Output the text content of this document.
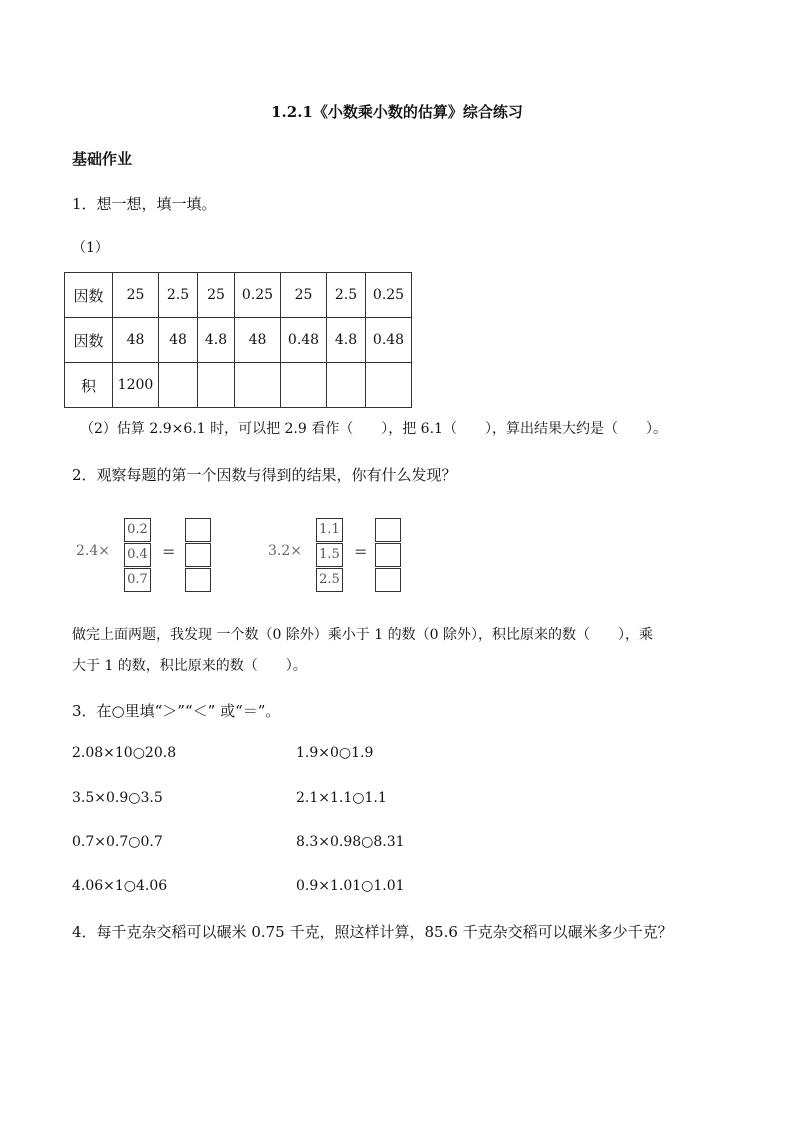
1.2.1《小数乘小数的估算》综合练习
基础作业
1．想一想，填一填。
（1）
因数	25	2.5	25	0.25	25	2.5	0.25
因数	48	48	4.8	48	0.48	4.8	0.48
积	1200						
（2）估算 2.9×6.1 时，可以把 2.9 看作（　　），把 6.1（　　），算出结果大约是（　　）。
2．观察每题的第一个因数与得到的结果，你有什么发现？
2.4×
0.2
0.4
0.7
=	3.2×
1.1
1.5
2.5
=
做完上面两题，我发现 一个数（0 除外）乘小于 1 的数（0 除外），积比原来的数（　　），乘
大于 1 的数，积比原来的数（　　）。
3．在○里填“＞”“＜” 或“＝”。
2.08×10○20.8	1.9×0○1.9
3.5×0.9○3.5	2.1×1.1○1.1
0.7×0.7○0.7	8.3×0.98○8.31
4.06×1○4.06	0.9×1.01○1.01
4．每千克杂交稻可以碾米 0.75 千克，照这样计算，85.6 千克杂交稻可以碾米多少千克？
